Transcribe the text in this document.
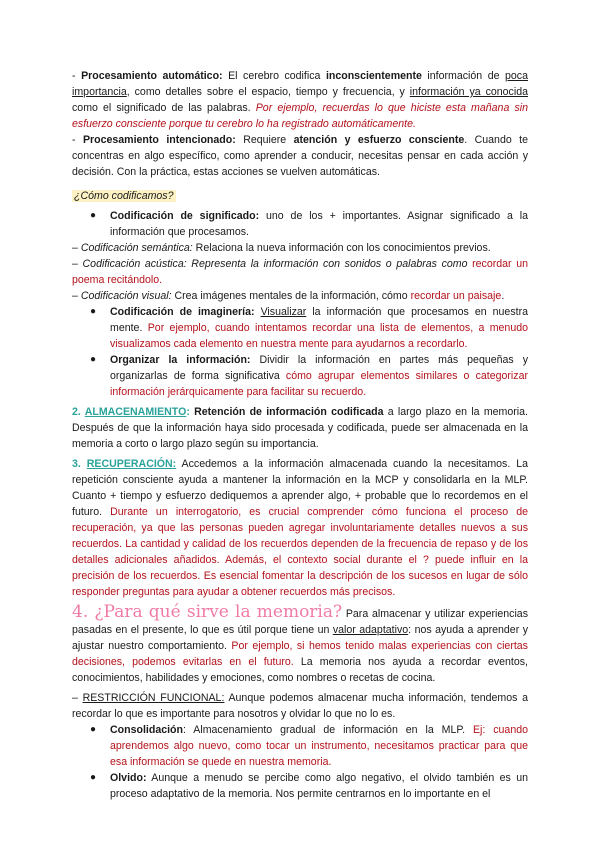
- Procesamiento automático: El cerebro codifica inconscientemente información de poca importancia, como detalles sobre el espacio, tiempo y frecuencia, y información ya conocida como el significado de las palabras. Por ejemplo, recuerdas lo que hiciste esta mañana sin esfuerzo consciente porque tu cerebro lo ha registrado automáticamente.

- Procesamiento intencionado: Requiere atención y esfuerzo consciente. Cuando te concentras en algo específico, como aprender a conducir, necesitas pensar en cada acción y decisión. Con la práctica, estas acciones se vuelven automáticas.

¿Cómo codificamos?

● Codificación de significado: uno de los + importantes. Asignar significado a la información que procesamos.

– Codificación semántica: Relaciona la nueva información con los conocimientos previos.

– Codificación acústica: Representa la información con sonidos o palabras como recordar un poema recitándolo.

– Codificación visual: Crea imágenes mentales de la información, cómo recordar un paisaje.

● Codificación de imaginería: Visualizar la información que procesamos en nuestra mente. Por ejemplo, cuando intentamos recordar una lista de elementos, a menudo visualizamos cada elemento en nuestra mente para ayudarnos a recordarlo.
● Organizar la información: Dividir la información en partes más pequeñas y organizarlas de forma significativa cómo agrupar elementos similares o categorizar información jerárquicamente para facilitar su recuerdo.

2. ALMACENAMIENTO: Retención de información codificada a largo plazo en la memoria. Después de que la información haya sido procesada y codificada, puede ser almacenada en la memoria a corto o largo plazo según su importancia.

3. RECUPERACIÓN: Accedemos a la información almacenada cuando la necesitamos. La repetición consciente ayuda a mantener la información en la MCP y consolidarla en la MLP. Cuanto + tiempo y esfuerzo dediquemos a aprender algo, + probable que lo recordemos en el futuro. Durante un interrogatorio, es crucial comprender cómo funciona el proceso de recuperación, ya que las personas pueden agregar involuntariamente detalles nuevos a sus recuerdos. La cantidad y calidad de los recuerdos dependen de la frecuencia de repaso y de los detalles adicionales añadidos. Además, el contexto social durante el ? puede influir en la precisión de los recuerdos. Es esencial fomentar la descripción de los sucesos en lugar de sólo responder preguntas para ayudar a obtener recuerdos más precisos.

4. ¿Para qué sirve la memoria? Para almacenar y utilizar experiencias pasadas en el presente, lo que es útil porque tiene un valor adaptativo: nos ayuda a aprender y ajustar nuestro comportamiento. Por ejemplo, si hemos tenido malas experiencias con ciertas decisiones, podemos evitarlas en el futuro. La memoria nos ayuda a recordar eventos, conocimientos, habilidades y emociones, como nombres o recetas de cocina.

– RESTRICCIÓN FUNCIONAL: Aunque podemos almacenar mucha información, tendemos a recordar lo que es importante para nosotros y olvidar lo que no lo es.

● Consolidación: Almacenamiento gradual de información en la MLP. Ej: cuando aprendemos algo nuevo, como tocar un instrumento, necesitamos practicar para que esa información se quede en nuestra memoria.
● Olvido: Aunque a menudo se percibe como algo negativo, el olvido también es un proceso adaptativo de la memoria. Nos permite centrarnos en lo importante en el
